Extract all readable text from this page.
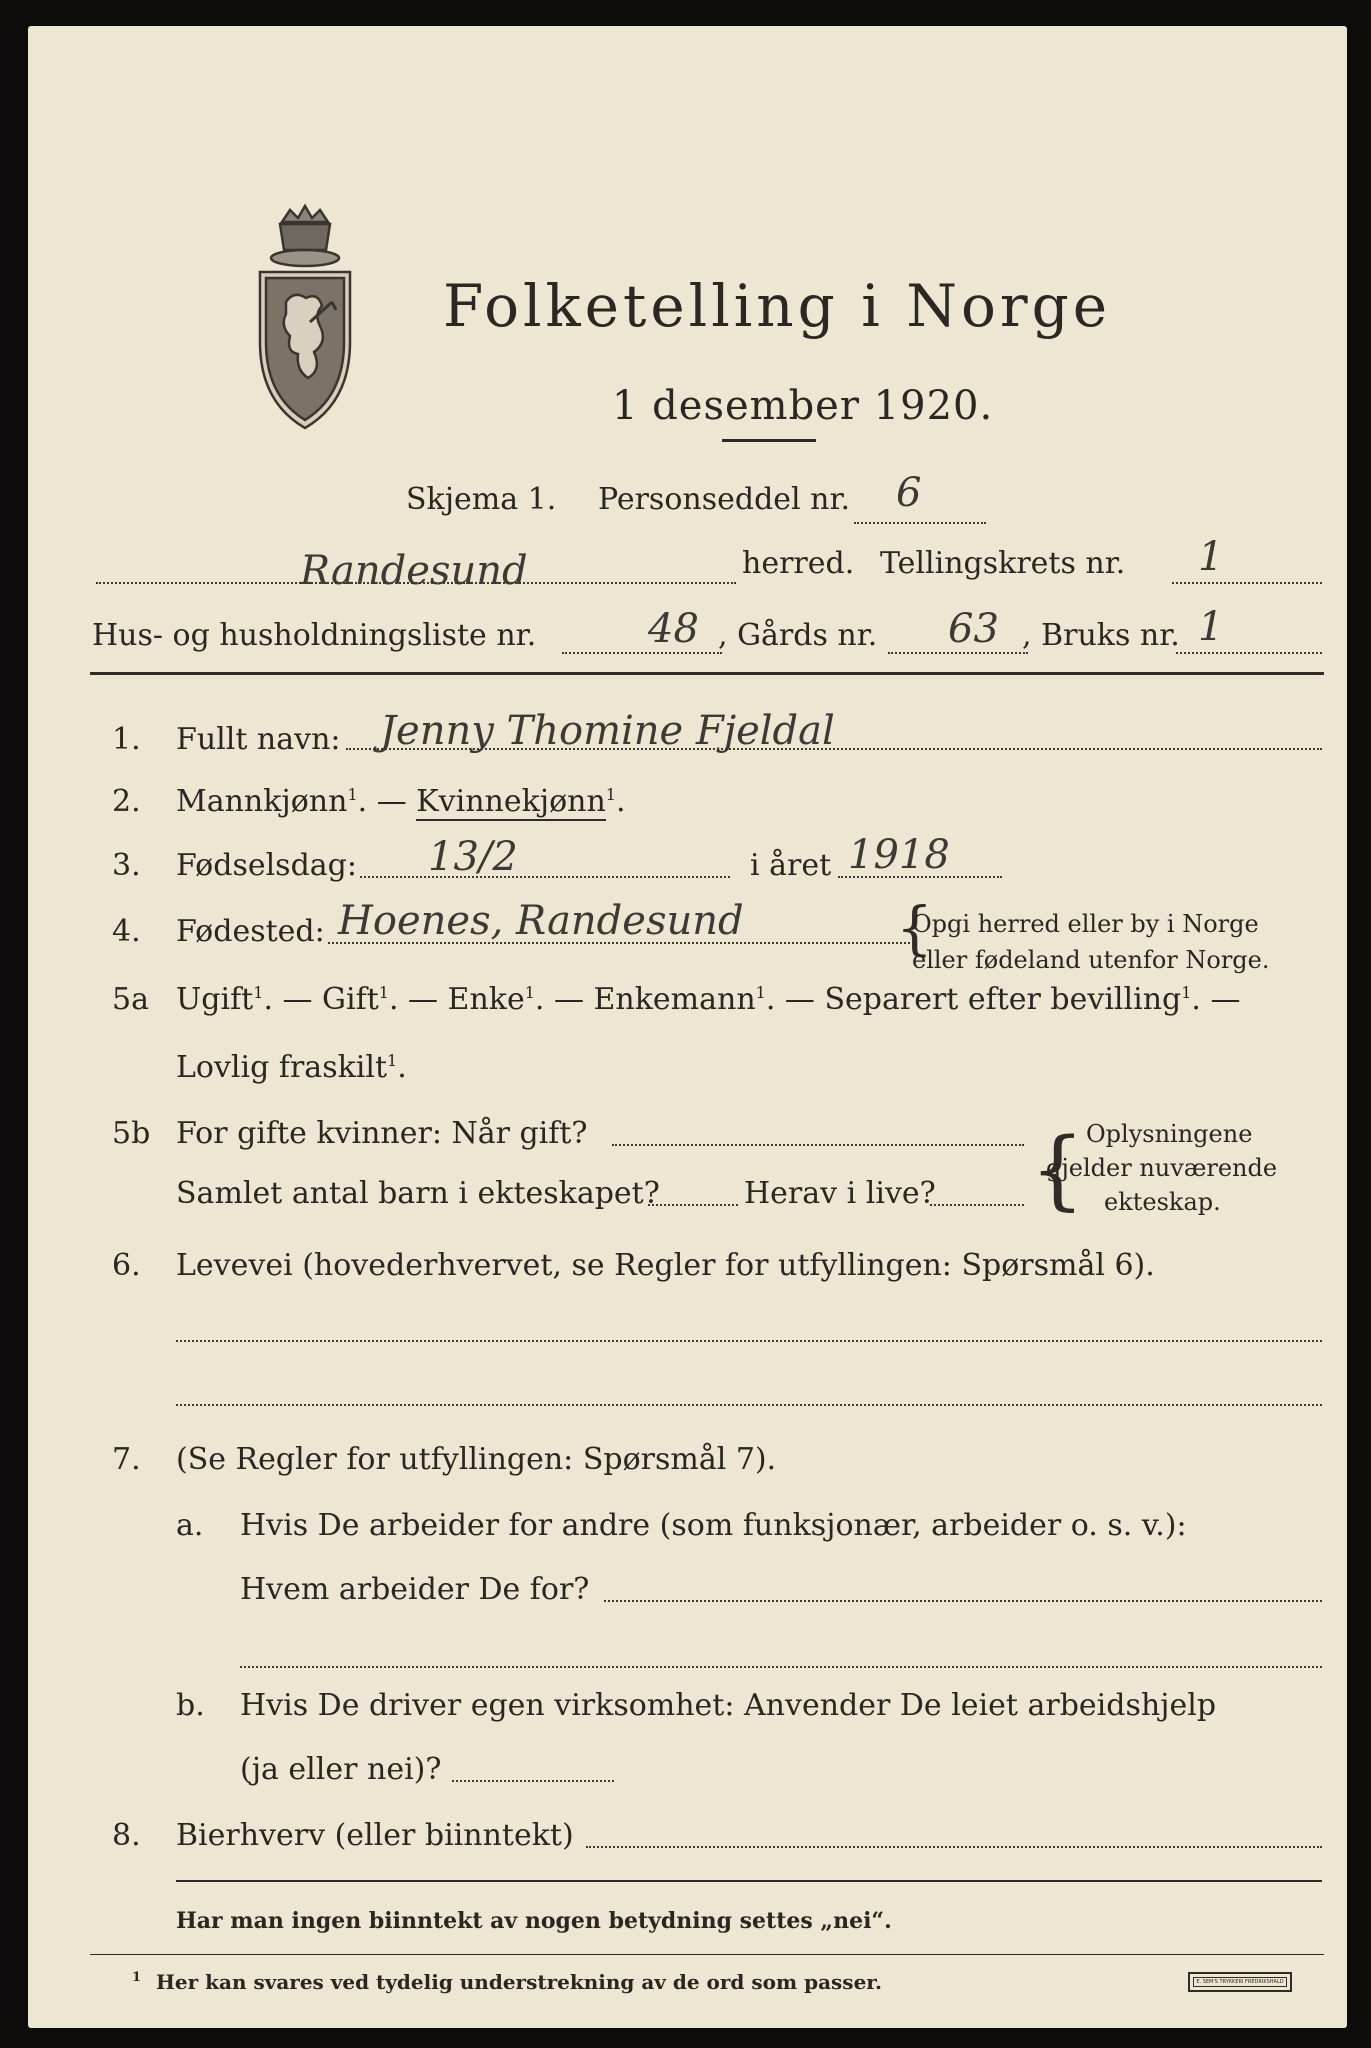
Folketelling i Norge
1 desember 1920.
Skjema 1. Personseddel nr. 6
Randesund	herred. Tellingskrets nr. 1
Hus- og husholdningsliste nr.	48 , Gårds nr. 63 , Bruks nr. 1
1. Fullt navn: Jenny Thomine Fjeldal
2. Mannkjønn$^1$. — Kvinnekjønn$^1$.
3. Fødselsdag: 13/2	i året 1918
4. Fødested: Hoenes, Randesund	{
Opgi herred eller by i Norge
eller fødeland utenfor Norge.
5a Ugift$^1$. — Gift$^1$. — Enke$^1$. — Enkemann$^1$. — Separert efter bevilling$^1$. —
Lovlig fraskilt$^1$.
5b For gifte kvinner: Når gift?
Samlet antal barn i ekteskapet?	Herav i live? { Oplysningene
gjelder nuværende
ekteskap.
6. Levevei (hovederhvervet, se Regler for utfyllingen: Spørsmål 6).
7. (Se Regler for utfyllingen: Spørsmål 7).
a. Hvis De arbeider for andre (som funksjonær, arbeider o. s. v.):
Hvem arbeider De for?
b. Hvis De driver egen virksomhet: Anvender De leiet arbeidshjelp
(ja eller nei)?
8. Bierhverv (eller biinntekt)
Har man ingen biinntekt av nogen betydning settes „nei“.
1 Her kan svares ved tydelig understrekning av de ord som passer.	E. SEM'S TRYKKERI FREDRIKSHALD
